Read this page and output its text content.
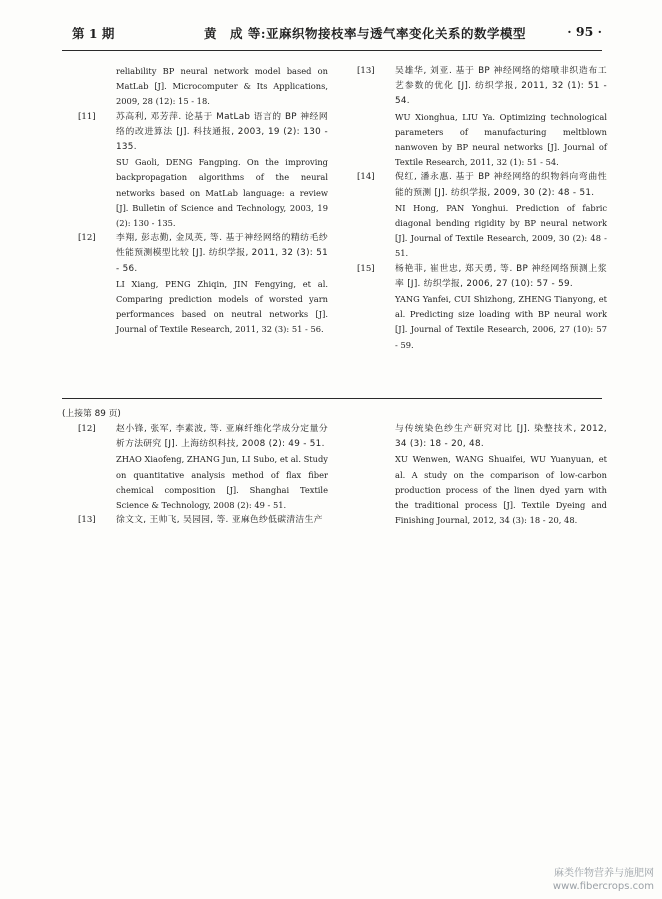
第 1 期	黄　成 等:亚麻织物接枝率与透气率变化关系的数学模型	· 95 ·

reliability BP neural network model based on MatLab [J]. Microcomputer & Its Applications, 2009, 28 (12): 15 - 18.

[11] 苏高利, 邓芳萍. 论基于 MatLab 语言的 BP 神经网络的改进算法 [J]. 科技通报, 2003, 19 (2): 130 - 135.

SU Gaoli, DENG Fangping. On the improving backpropagation algorithms of the neural networks based on MatLab language: a review [J]. Bulletin of Science and Technology, 2003, 19 (2): 130 - 135.

[12] 李翔, 彭志勤, 金凤英, 等. 基于神经网络的精纺毛纱性能预测模型比较 [J]. 纺织学报, 2011, 32 (3): 51 - 56.

LI Xiang, PENG Zhiqin, JIN Fengying, et al. Comparing prediction models of worsted yarn performances based on neutral networks [J]. Journal of Textile Research, 2011, 32 (3): 51 - 56.

[13] 吴雄华, 刘亚. 基于 BP 神经网络的熔喷非织造布工艺参数的优化 [J]. 纺织学报, 2011, 32 (1): 51 - 54.

WU Xionghua, LIU Ya. Optimizing technological parameters of manufacturing meltblown nanwoven by BP neural networks [J]. Journal of Textile Research, 2011, 32 (1): 51 - 54.

[14] 倪红, 潘永惠. 基于 BP 神经网络的织物斜向弯曲性能的预测 [J]. 纺织学报, 2009, 30 (2): 48 - 51.

NI Hong, PAN Yonghui. Prediction of fabric diagonal bending rigidity by BP neural network [J]. Journal of Textile Research, 2009, 30 (2): 48 - 51.

[15] 杨艳菲, 崔世忠, 郑天勇, 等. BP 神经网络预测上浆率 [J]. 纺织学报, 2006, 27 (10): 57 - 59.

YANG Yanfei, CUI Shizhong, ZHENG Tianyong, et al. Predicting size loading with BP neural work [J]. Journal of Textile Research, 2006, 27 (10): 57 - 59.

(上接第 89 页)
[12] 赵小锋, 张军, 李素波, 等. 亚麻纤维化学成分定量分析方法研究 [J]. 上海纺织科技, 2008 (2): 49 - 51.

ZHAO Xiaofeng, ZHANG Jun, LI Subo, et al. Study on quantitative analysis method of flax fiber chemical composition [J]. Shanghai Textile Science & Technology, 2008 (2): 49 - 51.

[13] 徐文文, 王帅飞, 吴园园, 等. 亚麻色纱低碳清洁生产

与传统染色纱生产研究对比 [J]. 染整技术, 2012, 34 (3): 18 - 20, 48.

XU Wenwen, WANG Shuaifei, WU Yuanyuan, et al. A study on the comparison of low-carbon production process of the linen dyed yarn with the traditional process [J]. Textile Dyeing and Finishing Journal, 2012, 34 (3): 18 - 20, 48.

麻类作物营养与施肥网
www.fibercrops.com
